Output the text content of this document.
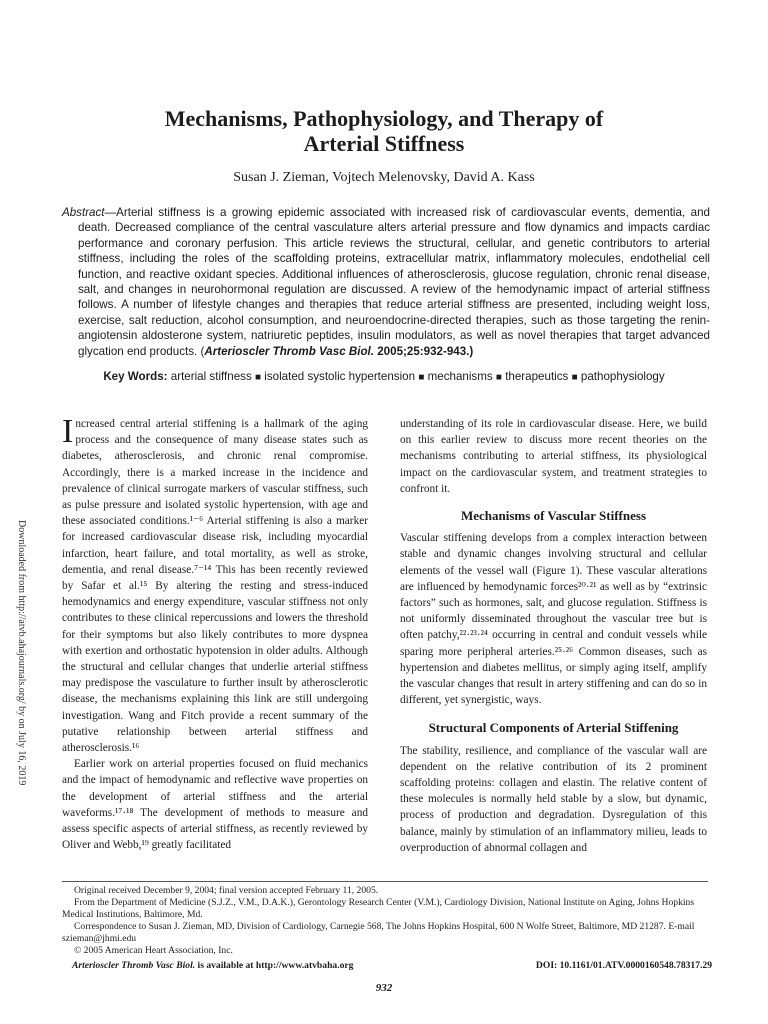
Mechanisms, Pathophysiology, and Therapy of
Arterial Stiffness
Susan J. Zieman, Vojtech Melenovsky, David A. Kass
Abstract—Arterial stiffness is a growing epidemic associated with increased risk of cardiovascular events, dementia, and death. Decreased compliance of the central vasculature alters arterial pressure and flow dynamics and impacts cardiac performance and coronary perfusion. This article reviews the structural, cellular, and genetic contributors to arterial stiffness, including the roles of the scaffolding proteins, extracellular matrix, inflammatory molecules, endothelial cell function, and reactive oxidant species. Additional influences of atherosclerosis, glucose regulation, chronic renal disease, salt, and changes in neurohormonal regulation are discussed. A review of the hemodynamic impact of arterial stiffness follows. A number of lifestyle changes and therapies that reduce arterial stiffness are presented, including weight loss, exercise, salt reduction, alcohol consumption, and neuroendocrine-directed therapies, such as those targeting the renin-angiotensin aldosterone system, natriuretic peptides, insulin modulators, as well as novel therapies that target advanced glycation end products. (Arterioscler Thromb Vasc Biol. 2005;25:932-943.)
Key Words: arterial stiffness ■ isolated systolic hypertension ■ mechanisms ■ therapeutics ■ pathophysiology
Downloaded from http://atvb.ahajournals.org/ by on July 16, 2019

Increased central arterial stiffening is a hallmark of the aging process and the consequence of many disease states such as diabetes, atherosclerosis, and chronic renal compromise. Accordingly, there is a marked increase in the incidence and prevalence of clinical surrogate markers of vascular stiffness, such as pulse pressure and isolated systolic hypertension, with age and these associated conditions.¹⁻⁶ Arterial stiffening is also a marker for increased cardiovascular disease risk, including myocardial infarction, heart failure, and total mortality, as well as stroke, dementia, and renal disease.⁷⁻¹⁴ This has been recently reviewed by Safar et al.¹⁵ By altering the resting and stress-induced hemodynamics and energy expenditure, vascular stiffness not only contributes to these clinical repercussions and lowers the threshold for their symptoms but also likely contributes to more dyspnea with exertion and orthostatic hypotension in older adults. Although the structural and cellular changes that underlie arterial stiffness may predispose the vasculature to further insult by atherosclerotic disease, the mechanisms explaining this link are still undergoing investigation. Wang and Fitch provide a recent summary of the putative relationship between arterial stiffness and atherosclerosis.¹⁶

Earlier work on arterial properties focused on fluid mechanics and the impact of hemodynamic and reflective wave properties on the development of arterial stiffness and the arterial waveforms.¹⁷·¹⁸ The development of methods to measure and assess specific aspects of arterial stiffness, as recently reviewed by Oliver and Webb,¹⁹ greatly facilitated

understanding of its role in cardiovascular disease. Here, we build on this earlier review to discuss more recent theories on the mechanisms contributing to arterial stiffness, its physiological impact on the cardiovascular system, and treatment strategies to confront it.

Mechanisms of Vascular Stiffness

Vascular stiffening develops from a complex interaction between stable and dynamic changes involving structural and cellular elements of the vessel wall (Figure 1). These vascular alterations are influenced by hemodynamic forces²⁰·²¹ as well as by “extrinsic factors” such as hormones, salt, and glucose regulation. Stiffness is not uniformly disseminated throughout the vascular tree but is often patchy,²²·²³·²⁴ occurring in central and conduit vessels while sparing more peripheral arteries.²⁵·²⁶ Common diseases, such as hypertension and diabetes mellitus, or simply aging itself, amplify the vascular changes that result in artery stiffening and can do so in different, yet synergistic, ways.

Structural Components of Arterial Stiffening

The stability, resilience, and compliance of the vascular wall are dependent on the relative contribution of its 2 prominent scaffolding proteins: collagen and elastin. The relative content of these molecules is normally held stable by a slow, but dynamic, process of production and degradation. Dysregulation of this balance, mainly by stimulation of an inflammatory milieu, leads to overproduction of abnormal collagen and

Original received December 9, 2004; final version accepted February 11, 2005.

From the Department of Medicine (S.J.Z., V.M., D.A.K.), Gerontology Research Center (V.M.), Cardiology Division, National Institute on Aging, Johns Hopkins Medical Institutions, Baltimore, Md.

Correspondence to Susan J. Zieman, MD, Division of Cardiology, Carnegie 568, The Johns Hopkins Hospital, 600 N Wolfe Street, Baltimore, MD 21287. E-mail szieman@jhmi.edu

© 2005 American Heart Association, Inc.

Arterioscler Thromb Vasc Biol. is available at http://www.atvbaha.org	DOI: 10.1161/01.ATV.0000160548.78317.29
932
